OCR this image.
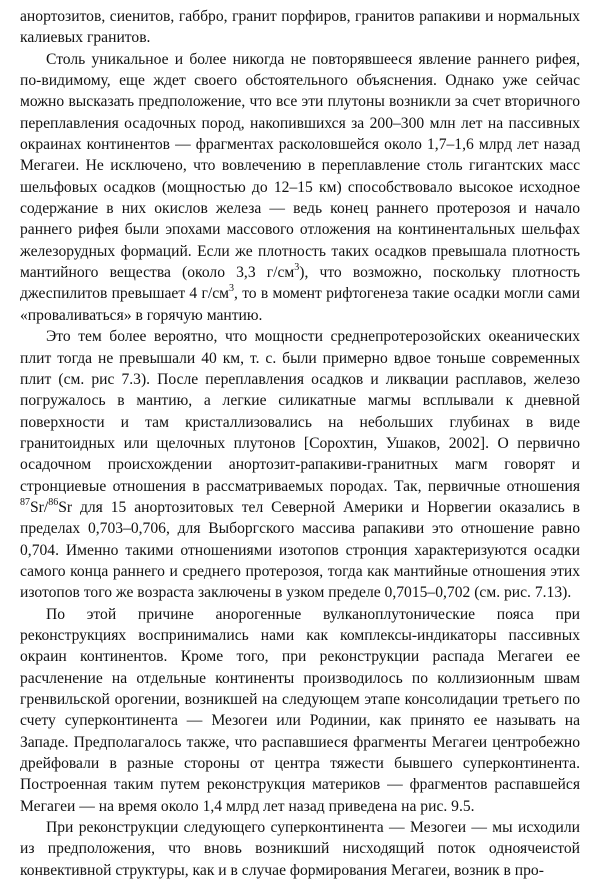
анортозитов, сиенитов, габбро, гранит порфиров, гранитов рапакиви и нормальных калиевых гранитов.

Столь уникальное и более никогда не повторявшееся явление раннего рифея, по-видимому, еще ждет своего обстоятельного объяснения. Однако уже сейчас можно высказать предположение, что все эти плутоны возникли за счет вторичного переплавления осадочных пород, накопившихся за 200–300 млн лет на пассивных окраинах континентов — фрагментах расколовшейся около 1,7–1,6 млрд лет назад Мегагеи. Не исключено, что вовлечению в переплавление столь гигантских масс шельфовых осадков (мощностью до 12–15 км) способствовало высокое исходное содержание в них окислов железа — ведь конец раннего протерозоя и начало раннего рифея были эпохами массового отложения на континентальных шельфах железорудных формаций. Если же плотность таких осадков превышала плотность мантийного вещества (около 3,3 $г/см^3$), что возможно, поскольку плотность джеспилитов превышает 4 $г/см^3$, то в момент рифтогенеза такие осадки могли сами «проваливаться» в горячую мантию.

Это тем более вероятно, что мощности среднепротерозойских океанических плит тогда не превышали 40 км, т. с. были примерно вдвое тоньше современных плит (см. рис 7.3). После переплавления осадков и ликвации расплавов, железо погружалось в мантию, а легкие силикатные магмы всплывали к дневной поверхности и там кристаллизовались на небольших глубинах в виде гранитоидных или щелочных плутонов [Сорохтин, Ушаков, 2002]. О первично осадочном происхождении анортозит-рапакиви-гранитных магм говорят и стронциевые отношения в рассматриваемых породах. Так, первичные отношения $^{87}$Sr/$^{86}$Sr для 15 анортозитовых тел Северной Америки и Норвегии оказались в пределах 0,703–0,706, для Выборгского массива рапакиви это отношение равно 0,704. Именно такими отношениями изотопов стронция характеризуются осадки самого конца раннего и среднего протерозоя, тогда как мантийные отношения этих изотопов того же возраста заключены в узком пределе 0,7015–0,702 (см. рис. 7.13).

По этой причине анорогенные вулканоплутонические пояса при реконструкциях воспринимались нами как комплексы-индикаторы пассивных окраин континентов. Кроме того, при реконструкции распада Мегагеи ее расчленение на отдельные континенты производилось по коллизионным швам гренвильской орогении, возникшей на следующем этапе консолидации третьего по счету суперконтинента — Мезогеи или Родинии, как принято ее называть на Западе. Предполагалось также, что распавшиеся фрагменты Мегагеи центробежно дрейфовали в разные стороны от центра тяжести бывшего суперконтинента. Построенная таким путем реконструкция материков — фрагментов распавшейся Мегагеи — на время около 1,4 млрд лет назад приведена на рис. 9.5.

При реконструкции следующего суперконтинента — Мезогеи — мы исходили из предположения, что вновь возникший нисходящий поток одноячеистой конвективной структуры, как и в случае формирования Мегагеи, возник в про-
